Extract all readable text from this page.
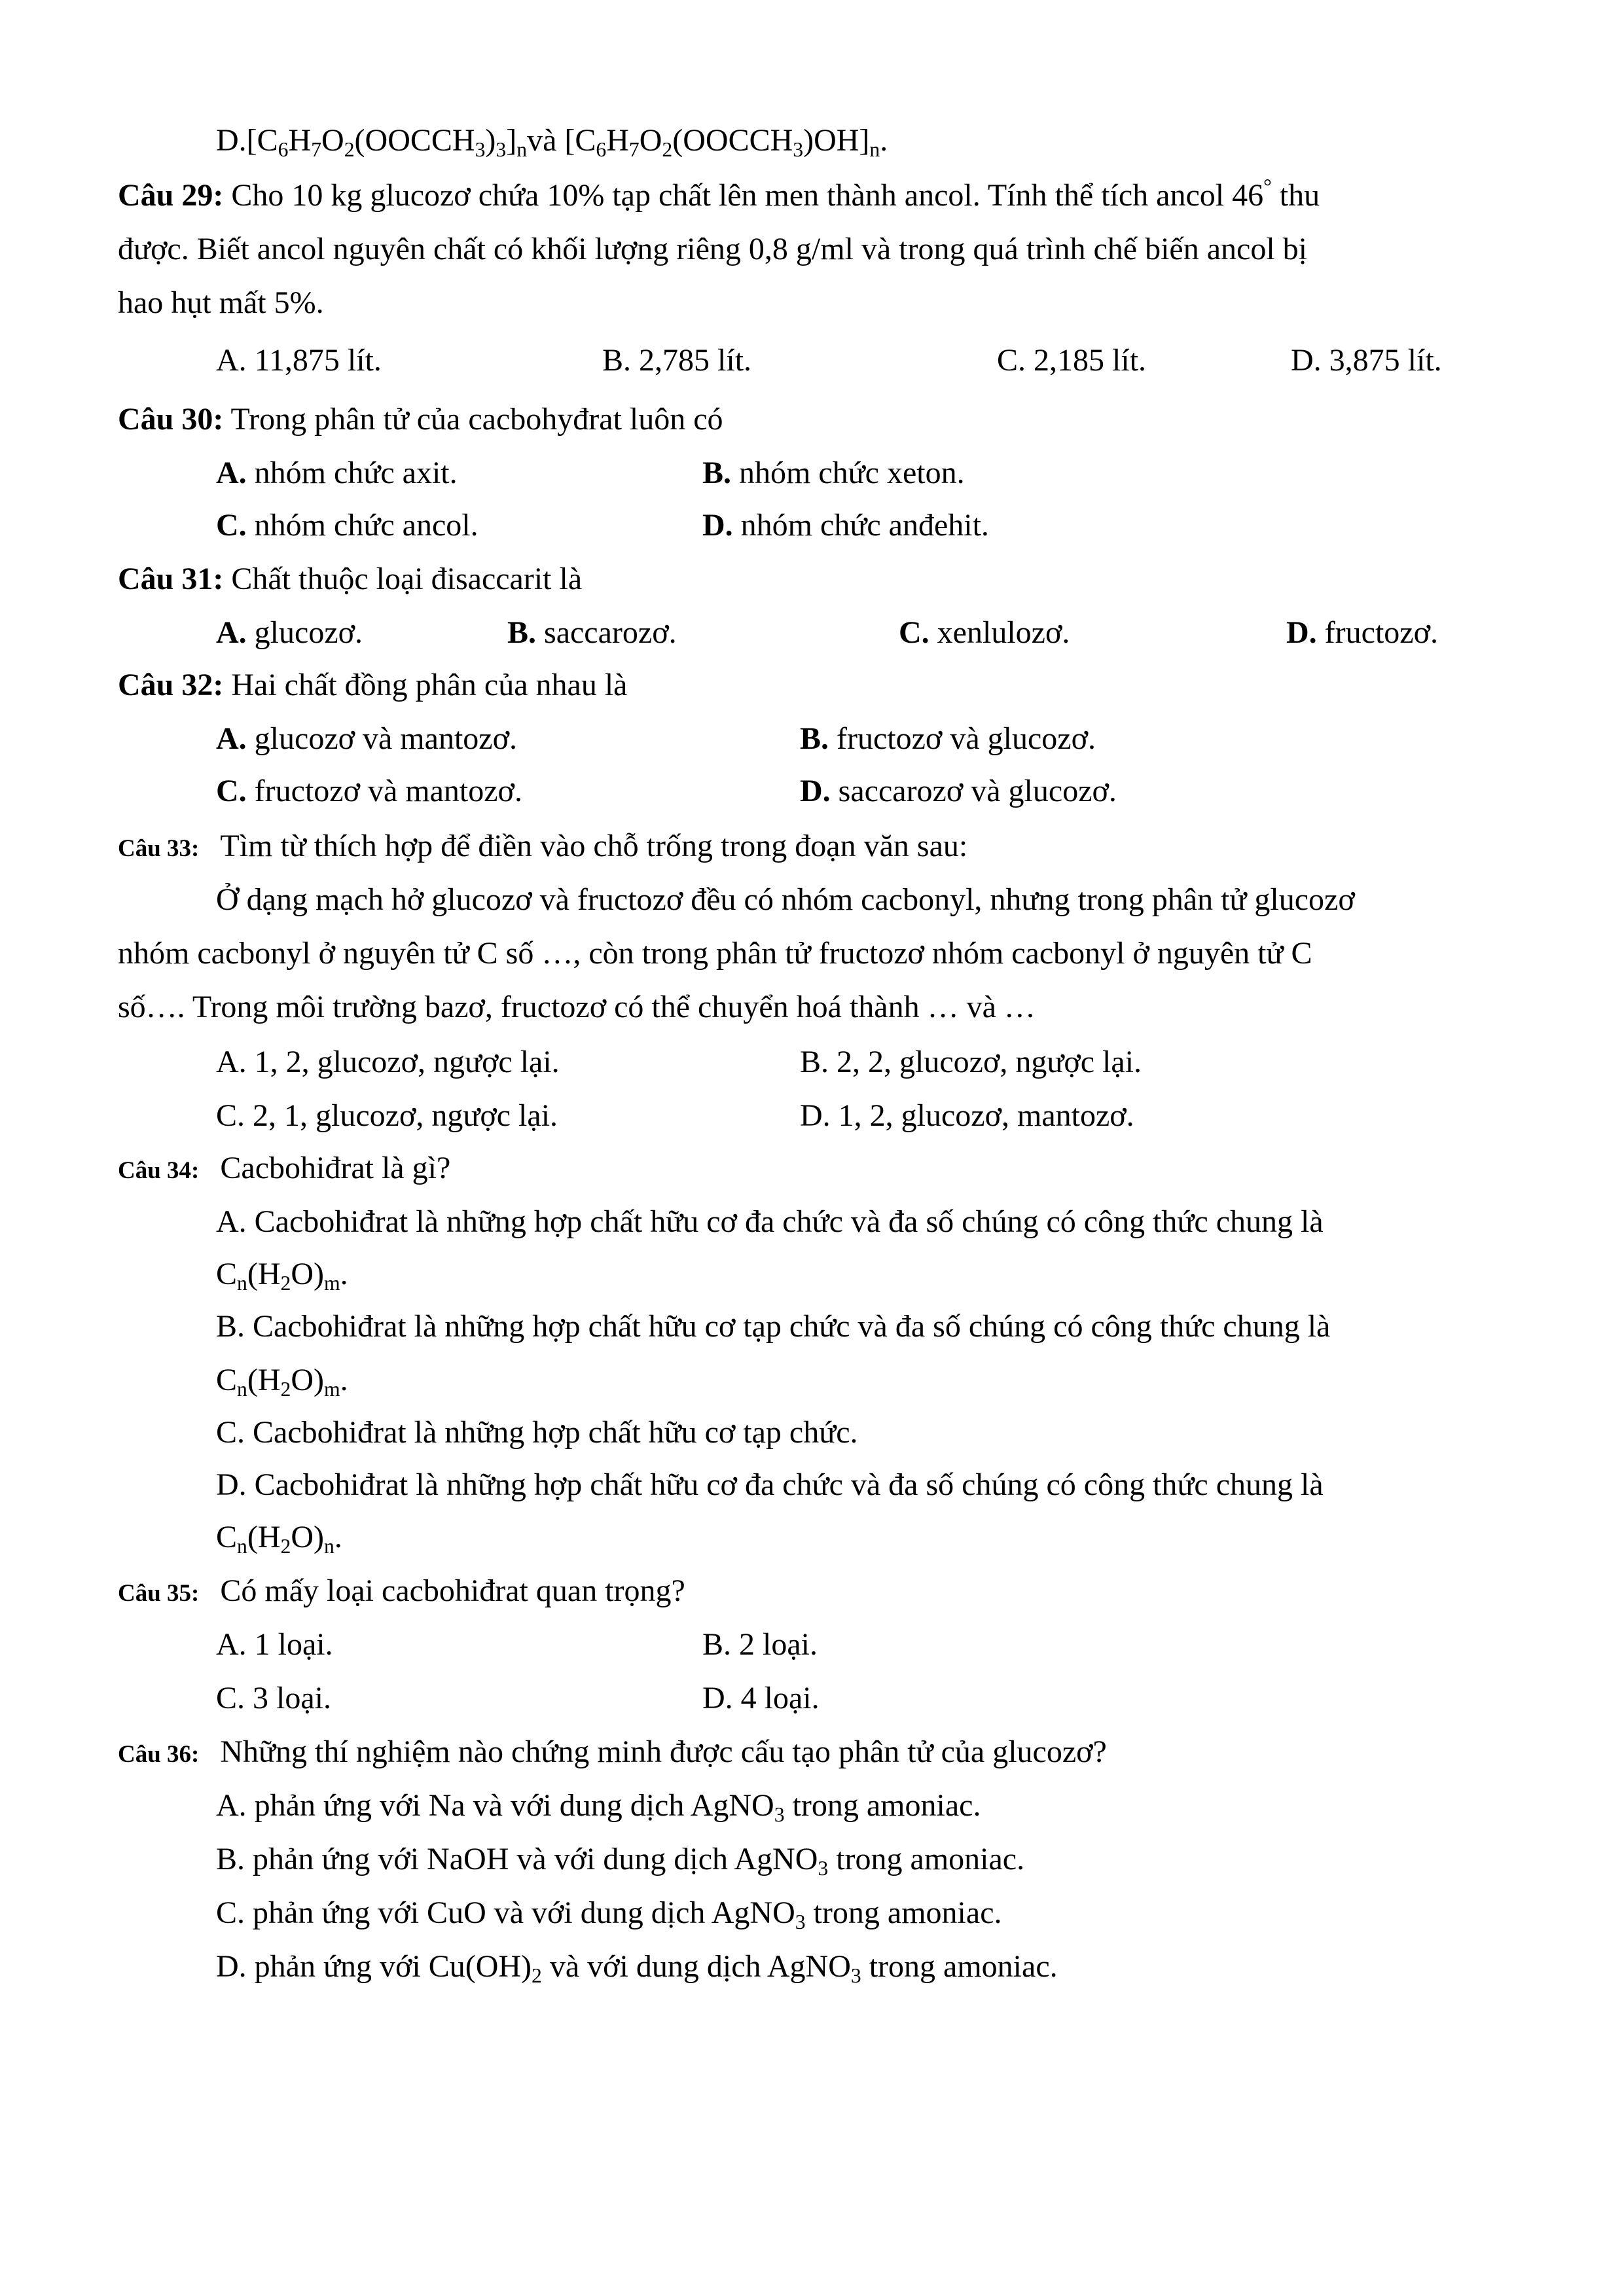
$D.[C_6H_7O_2(OOCCH_3)_3]_nvà$ $[C_6H_7O_2(OOCCH_3)OH]_n$.
Câu 29: Cho 10 kg glucozơ chứa 10% tạp chất lên men thành ancol. Tính thể tích ancol 46° thu
được. Biết ancol nguyên chất có khối lượng riêng 0,8 g/ml và trong quá trình chế biến ancol bị
hao hụt mất 5%.
A. 11,875 lít.	B. 2,785 lít.	C. 2,185 lít.	D. 3,875 lít.
Câu 30: Trong phân tử của cacbohyđrat luôn có
A. nhóm chức axit.	B. nhóm chức xeton.
C. nhóm chức ancol.	D. nhóm chức anđehit.
Câu 31: Chất thuộc loại đisaccarit là
A. glucozơ.	B. saccarozơ.	C. xenlulozơ.	D. fructozơ.
Câu 32: Hai chất đồng phân của nhau là
A. glucozơ và mantozơ.	B. fructozơ và glucozơ.
C. fructozơ và mantozơ.	D. saccarozơ và glucozơ.
Câu 33: Tìm từ thích hợp để điền vào chỗ trống trong đoạn văn sau:
Ở dạng mạch hở glucozơ và fructozơ đều có nhóm cacbonyl, nhưng trong phân tử glucozơ
nhóm cacbonyl ở nguyên tử C số …, còn trong phân tử fructozơ nhóm cacbonyl ở nguyên tử C
số…. Trong môi trường bazơ, fructozơ có thể chuyển hoá thành … và …
A. 1, 2, glucozơ, ngược lại.	B. 2, 2, glucozơ, ngược lại.
C. 2, 1, glucozơ, ngược lại.	D. 1, 2, glucozơ, mantozơ.
Câu 34: Cacbohiđrat là gì?
A. Cacbohiđrat là những hợp chất hữu cơ đa chức và đa số chúng có công thức chung là
$C_n(H_2O)_m$.
B. Cacbohiđrat là những hợp chất hữu cơ tạp chức và đa số chúng có công thức chung là
$C_n(H_2O)_m$.
C. Cacbohiđrat là những hợp chất hữu cơ tạp chức.
D. Cacbohiđrat là những hợp chất hữu cơ đa chức và đa số chúng có công thức chung là
$C_n(H_2O)_n$.
Câu 35: Có mấy loại cacbohiđrat quan trọng?
A. 1 loại.	B. 2 loại.
C. 3 loại.	D. 4 loại.
Câu 36: Những thí nghiệm nào chứng minh được cấu tạo phân tử của glucozơ?
A. phản ứng với Na và với dung dịch AgNO$_3$ trong amoniac.
B. phản ứng với NaOH và với dung dịch AgNO$_3$ trong amoniac.
C. phản ứng với CuO và với dung dịch AgNO$_3$ trong amoniac.
D. phản ứng với $Cu(OH)_2$ và với dung dịch AgNO$_3$ trong amoniac.
